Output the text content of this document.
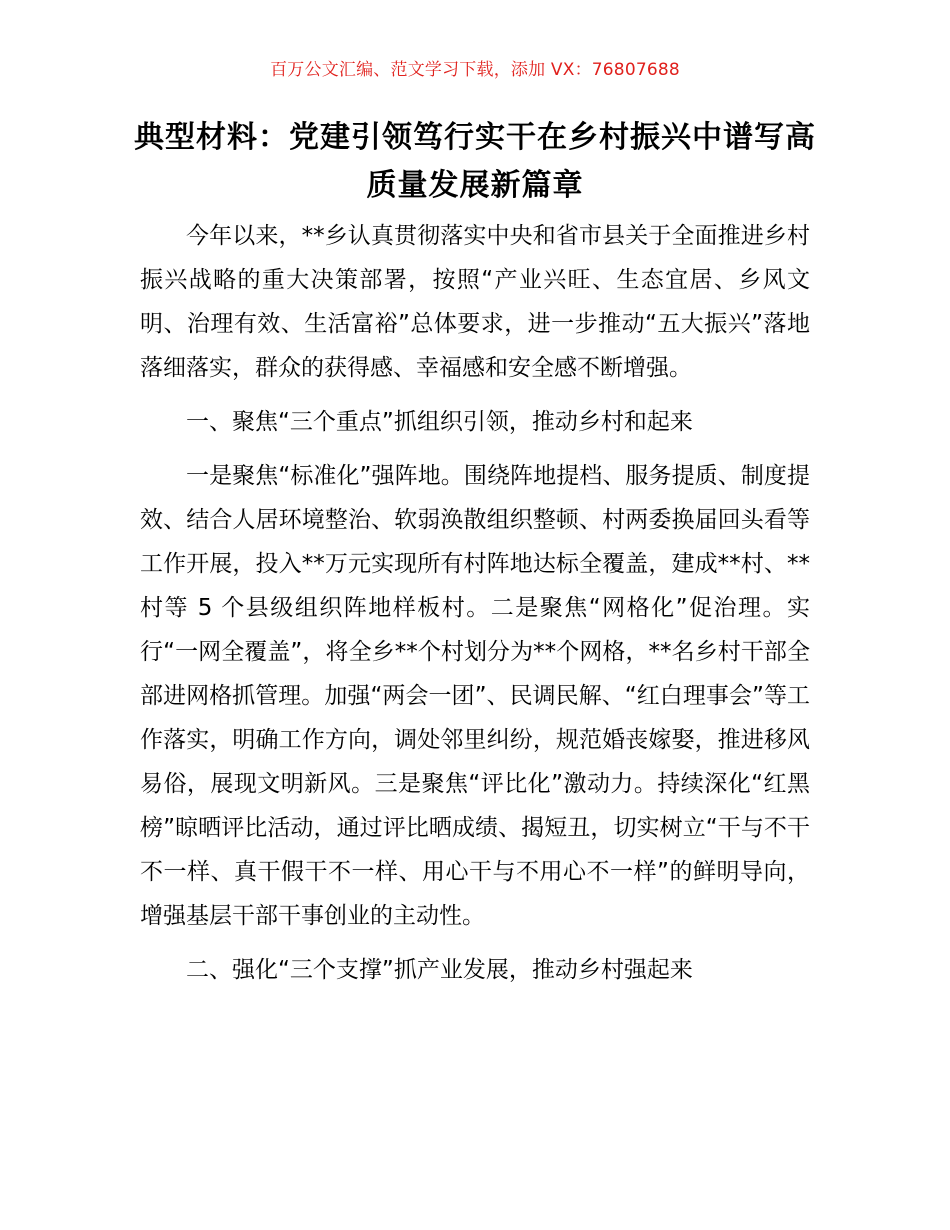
百万公文汇编、范文学习下载，添加 VX：76807688
典型材料：党建引领笃行实干在乡村振兴中谱写高质量发展新篇章

今年以来，**乡认真贯彻落实中央和省市县关于全面推进乡村振兴战略的重大决策部署，按照“产业兴旺、生态宜居、乡风文明、治理有效、生活富裕”总体要求，进一步推动“五大振兴”落地落细落实，群众的获得感、幸福感和安全感不断增强。

一、聚焦“三个重点”抓组织引领，推动乡村和起来

一是聚焦“标准化”强阵地。围绕阵地提档、服务提质、制度提效、结合人居环境整治、软弱涣散组织整顿、村两委换届回头看等工作开展，投入**万元实现所有村阵地达标全覆盖，建成**村、**村等 5 个县级组织阵地样板村。二是聚焦“网格化”促治理。实行“一网全覆盖”，将全乡**个村划分为**个网格，**名乡村干部全部进网格抓管理。加强“两会一团”、民调民解、“红白理事会”等工作落实，明确工作方向，调处邻里纠纷，规范婚丧嫁娶，推进移风易俗，展现文明新风。三是聚焦“评比化”激动力。持续深化“红黑榜”晾晒评比活动，通过评比晒成绩、揭短丑，切实树立“干与不干不一样、真干假干不一样、用心干与不用心不一样”的鲜明导向，增强基层干部干事创业的主动性。

二、强化“三个支撑”抓产业发展，推动乡村强起来
